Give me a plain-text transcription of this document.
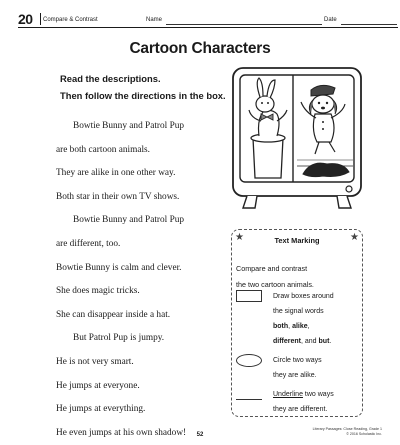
20 Compare & Contrast	Name	Date
Cartoon Characters
Read the descriptions.
Then follow the directions in the box.

Bowtie Bunny and Patrol Pup

are both cartoon animals.

They are alike in one other way.

Both star in their own TV shows.

Bowtie Bunny and Patrol Pup

are different, too.

Bowtie Bunny is calm and clever.

She does magic tricks.

She can disappear inside a hat.

But Patrol Pup is jumpy.

He is not very smart.

He jumps at everyone.

He jumps at everything.

He even jumps at his own shadow!

★	Text Marking	★
Compare and contrast
the two cartoon animals.
Draw boxes around
the signal words
both, alike,
different, and but.
Circle two ways
they are alike.
Underline two ways
they are different.
52
Literary Passages: Close Reading, Grade 1
© 2016 Scholastic Inc.
